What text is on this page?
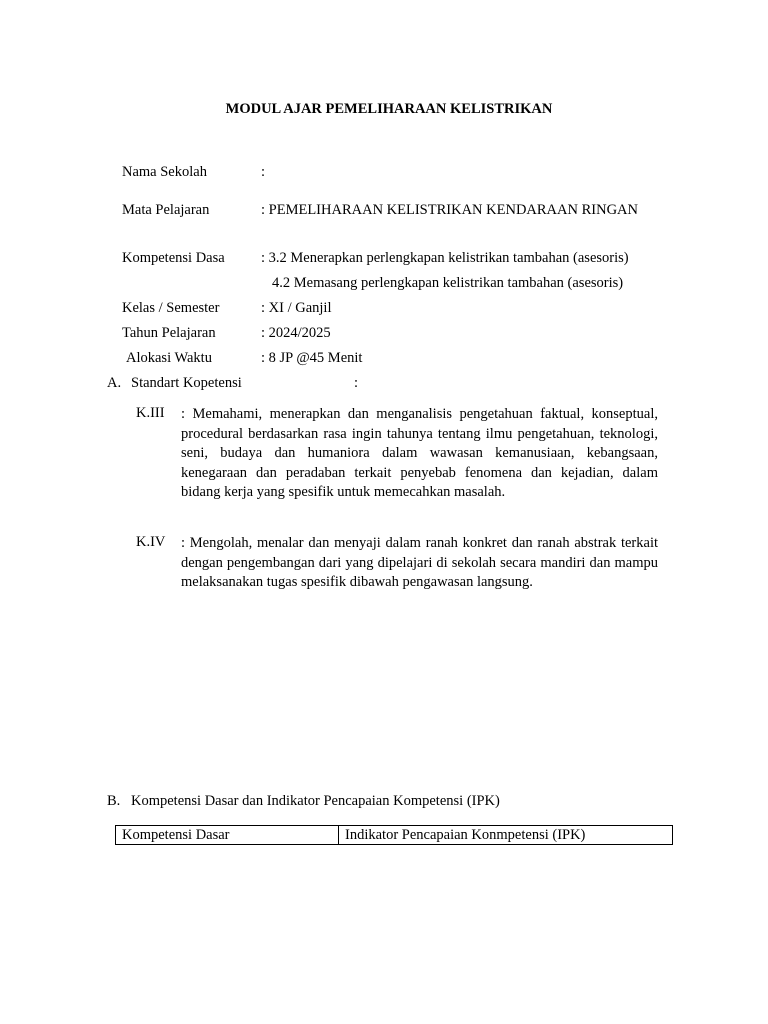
MODUL AJAR PEMELIHARAAN KELISTRIKAN
Nama Sekolah	:
Mata Pelajaran	: PEMELIHARAAN KELISTRIKAN KENDARAAN RINGAN
Kompetensi Dasa	: 3.2 Menerapkan perlengkapan kelistrikan tambahan (asesoris)
4.2 Memasang perlengkapan kelistrikan tambahan (asesoris)
Kelas / Semester	: XI / Ganjil
Tahun Pelajaran	: 2024/2025
Alokasi Waktu	: 8 JP @45 Menit
A. Standart Kopetensi	:
K.III : Memahami, menerapkan dan menganalisis pengetahuan faktual, konseptual, procedural berdasarkan rasa ingin tahunya tentang ilmu pengetahuan, teknologi, seni, budaya dan humaniora dalam wawasan kemanusiaan, kebangsaan, kenegaraan dan peradaban terkait penyebab fenomena dan kejadian, dalam bidang kerja yang spesifik untuk memecahkan masalah.
K.IV : Mengolah, menalar dan menyaji dalam ranah konkret dan ranah abstrak terkait dengan pengembangan dari yang dipelajari di sekolah secara mandiri dan mampu melaksanakan tugas spesifik dibawah pengawasan langsung.
B. Kompetensi Dasar dan Indikator Pencapaian Kompetensi (IPK)
Kompetensi Dasar	Indikator Pencapaian Konmpetensi (IPK)
